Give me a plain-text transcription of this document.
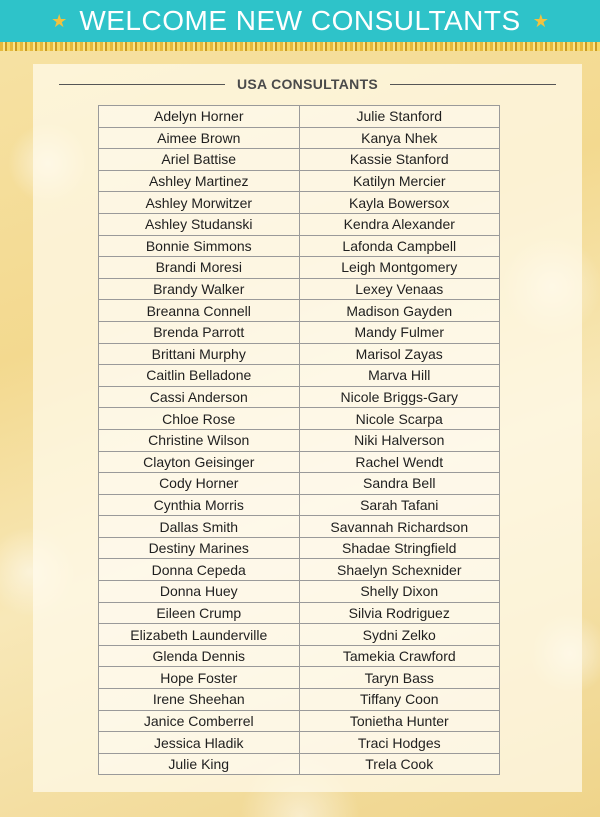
★ WELCOME NEW CONSULTANTS ★
USA CONSULTANTS
Adelyn Horner	Julie Stanford
Aimee Brown	Kanya Nhek
Ariel Battise	Kassie Stanford
Ashley Martinez	Katilyn Mercier
Ashley Morwitzer	Kayla Bowersox
Ashley Studanski	Kendra Alexander
Bonnie Simmons	Lafonda Campbell
Brandi Moresi	Leigh Montgomery
Brandy Walker	Lexey Venaas
Breanna Connell	Madison Gayden
Brenda Parrott	Mandy Fulmer
Brittani Murphy	Marisol Zayas
Caitlin Belladone	Marva Hill
Cassi Anderson	Nicole Briggs-Gary
Chloe Rose	Nicole Scarpa
Christine Wilson	Niki Halverson
Clayton Geisinger	Rachel Wendt
Cody Horner	Sandra Bell
Cynthia Morris	Sarah Tafani
Dallas Smith	Savannah Richardson
Destiny Marines	Shadae Stringfield
Donna Cepeda	Shaelyn Schexnider
Donna Huey	Shelly Dixon
Eileen Crump	Silvia Rodriguez
Elizabeth Launderville	Sydni Zelko
Glenda Dennis	Tamekia Crawford
Hope Foster	Taryn Bass
Irene Sheehan	Tiffany Coon
Janice Comberrel	Tonietha Hunter
Jessica Hladik	Traci Hodges
Julie King	Trela Cook
